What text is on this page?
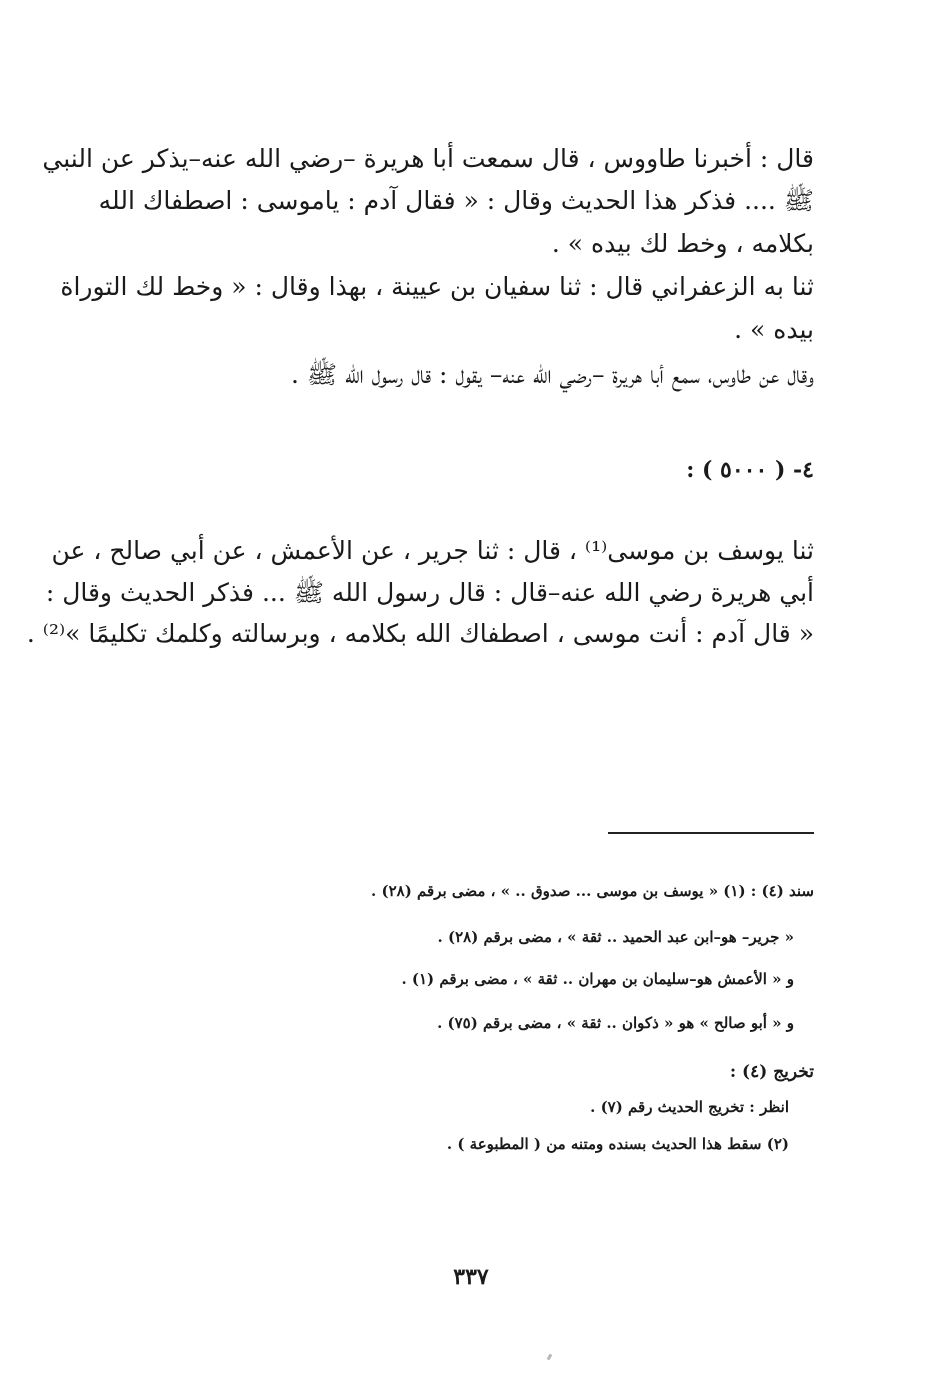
قال : أخبرنا طاووس ، قال سمعت أبا هريرة –رضي الله عنه–يذكر عن النبي
ﷺ .... فذكر هذا الحديث وقال : « فقال آدم : ياموسى : اصطفاك الله
بكلامه ، وخط لك بيده » .
ثنا به الزعفراني قال : ثنا سفيان بن عيينة ، بهذا وقال : « وخط لك التوراة
بيده » .
وقال عن طاوس، سمع أبا هريرة –رضي الله عنه– يقول : قال رسول الله ﷺ .
٤- ( ٥٠٠٠ ) :
ثنا يوسف بن موسى⁽¹⁾ ، قال : ثنا جرير ، عن الأعمش ، عن أبي صالح ، عن
أبي هريرة رضي الله عنه–قال : قال رسول الله ﷺ ... فذكر الحديث وقال :
« قال آدم : أنت موسى ، اصطفاك الله بكلامه ، وبرسالته وكلمك تكليمًا »⁽²⁾ .
سند (٤) : (١) « يوسف بن موسى ... صدوق .. » ، مضى برقم (٢٨) .
« جرير– هو–ابن عبد الحميد .. ثقة » ، مضى برقم (٢٨) .
و « الأعمش هو–سليمان بن مهران .. ثقة » ، مضى برقم (١) .
و « أبو صالح » هو « ذكوان .. ثقة » ، مضى برقم (٧٥) .
تخريج (٤) :
انظر : تخريج الحديث رقم (٧) .
(٢) سقط هذا الحديث بسنده ومتنه من ( المطبوعة ) .
٣٣٧
